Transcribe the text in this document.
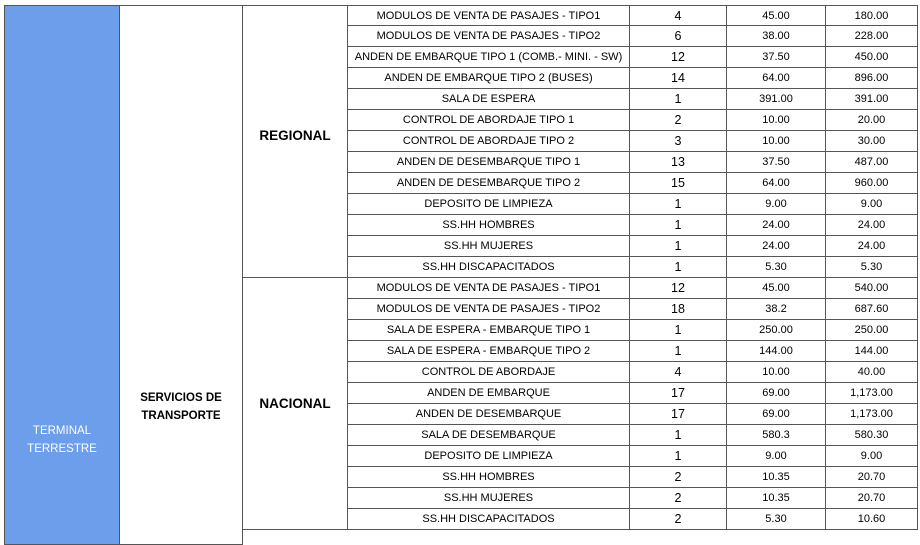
TERMINAL TERRESTRE
SERVICIOS DE TRANSPORTE
REGIONAL
MODULOS DE VENTA DE PASAJES - TIPO1	4	45.00	180.00
MODULOS DE VENTA DE PASAJES - TIPO2	6	38.00	228.00
ANDEN DE EMBARQUE TIPO 1 (COMB.- MINI. - SW)	12	37.50	450.00
ANDEN DE EMBARQUE TIPO 2 (BUSES)	14	64.00	896.00
SALA DE ESPERA	1	391.00	391.00
CONTROL DE ABORDAJE TIPO 1	2	10.00	20.00
CONTROL DE ABORDAJE TIPO 2	3	10.00	30.00
ANDEN DE DESEMBARQUE TIPO 1	13	37.50	487.00
ANDEN DE DESEMBARQUE TIPO 2	15	64.00	960.00
DEPOSITO DE LIMPIEZA	1	9.00	9.00
SS.HH HOMBRES	1	24.00	24.00
SS.HH MUJERES	1	24.00	24.00
SS.HH DISCAPACITADOS	1	5.30	5.30
NACIONAL
MODULOS DE VENTA DE PASAJES - TIPO1	12	45.00	540.00
MODULOS DE VENTA DE PASAJES - TIPO2	18	38.2	687.60
SALA DE ESPERA - EMBARQUE TIPO 1	1	250.00	250.00
SALA DE ESPERA - EMBARQUE TIPO 2	1	144.00	144.00
CONTROL DE ABORDAJE	4	10.00	40.00
ANDEN DE EMBARQUE	17	69.00	1,173.00
ANDEN DE DESEMBARQUE	17	69.00	1,173.00
SALA DE DESEMBARQUE	1	580.3	580.30
DEPOSITO DE LIMPIEZA	1	9.00	9.00
SS.HH HOMBRES	2	10.35	20.70
SS.HH MUJERES	2	10.35	20.70
SS.HH DISCAPACITADOS	2	5.30	10.60
